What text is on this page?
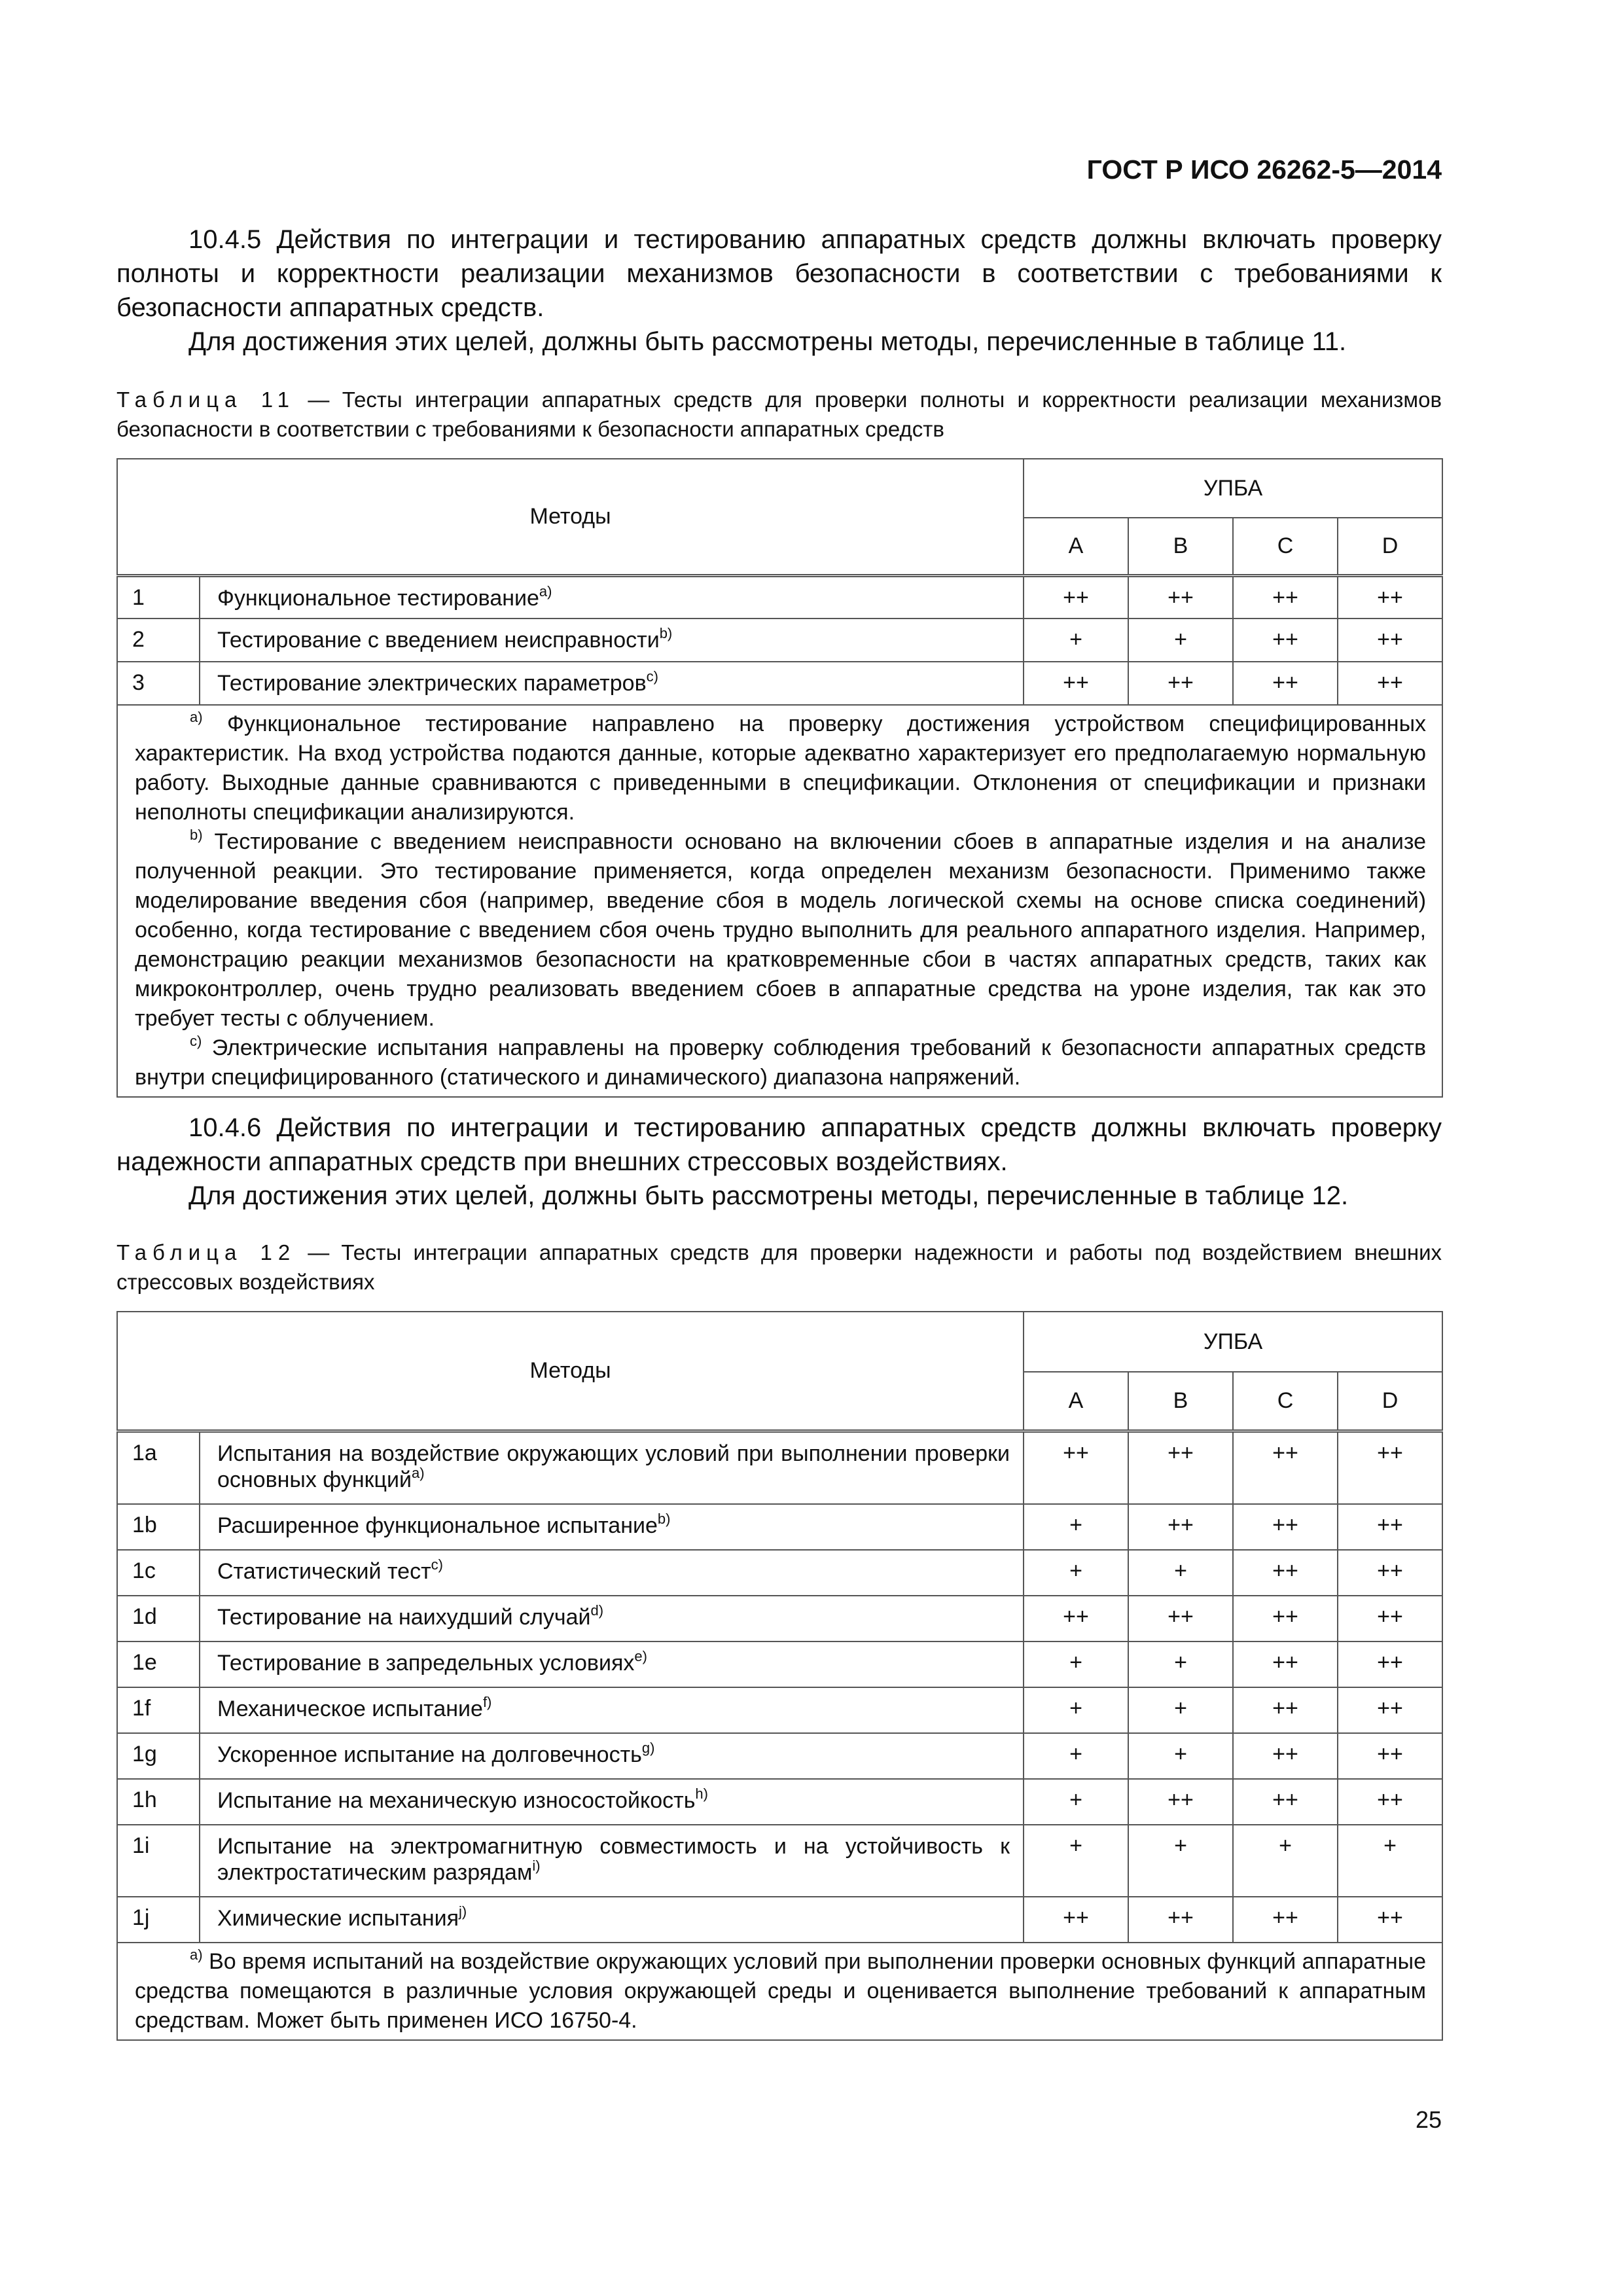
ГОСТ Р ИСО 26262-5—2014

10.4.5 Действия по интеграции и тестированию аппаратных средств должны включать проверку полноты и корректности реализации механизмов безопасности в соответствии с требованиями к безопасности аппаратных средств.

Для достижения этих целей, должны быть рассмотрены методы, перечисленные в таблице 11.

Таблица 11 — Тесты интеграции аппаратных средств для проверки полноты и корректности реализации механизмов безопасности в соответствии с требованиями к безопасности аппаратных средств

Методы		УПБА			
		A	B	C	D
1	Функциональное тестирование$^{a)}$	++	++	++	++
2	Тестирование с введением неисправности$^{b)}$	+	+	++	++
3	Тестирование электрических параметров$^{c)}$	++	++	++	++

$^{a)}$ Функциональное тестирование направлено на проверку достижения устройством специфицированных характеристик. На вход устройства подаются данные, которые адекватно характеризует его предполагаемую нормальную работу. Выходные данные сравниваются с приведенными в спецификации. Отклонения от спецификации и признаки неполноты спецификации анализируются.
$^{b)}$ Тестирование с введением неисправности основано на включении сбоев в аппаратные изделия и на анализе полученной реакции. Это тестирование применяется, когда определен механизм безопасности. Применимо также моделирование введения сбоя (например, введение сбоя в модель логической схемы на основе списка соединений) особенно, когда тестирование с введением сбоя очень трудно выполнить для реального аппаратного изделия. Например, демонстрацию реакции механизмов безопасности на кратковременные сбои в частях аппаратных средств, таких как микроконтроллер, очень трудно реализовать введением сбоев в аппаратные средства на уроне изделия, так как это требует тесты с облучением.
$^{c)}$ Электрические испытания направлены на проверку соблюдения требований к безопасности аппаратных средств внутри специфицированного (статического и динамического) диапазона напряжений.					

10.4.6 Действия по интеграции и тестированию аппаратных средств должны включать проверку надежности аппаратных средств при внешних стрессовых воздействиях.

Для достижения этих целей, должны быть рассмотрены методы, перечисленные в таблице 12.

Таблица 12 — Тесты интеграции аппаратных средств для проверки надежности и работы под воздействием внешних стрессовых воздействиях

Методы		УПБА			
		A	B	C	D
1a	Испытания на воздействие окружающих условий при выполнении проверки основных функций$^{a)}$	++	++	++	++
1b	Расширенное функциональное испытание$^{b)}$	+	++	++	++
1c	Статистический тест$^{c)}$	+	+	++	++
1d	Тестирование на наихудший случай$^{d)}$	++	++	++	++
1e	Тестирование в запредельных условиях$^{e)}$	+	+	++	++
1f	Механическое испытание$^{f)}$	+	+	++	++
1g	Ускоренное испытание на долговечность$^{g)}$	+	+	++	++
1h	Испытание на механическую износостойкость$^{h)}$	+	++	++	++
1i	Испытание на электромагнитную совместимость и на устойчивость к электростатическим разрядам$^{i)}$	+	+	+	+
1j	Химические испытания$^{j)}$	++	++	++	++

$^{a)}$ Во время испытаний на воздействие окружающих условий при выполнении проверки основных функций аппаратные средства помещаются в различные условия окружающей среды и оценивается выполнение требований к аппаратным средствам. Может быть применен ИСО 16750-4.					
25
